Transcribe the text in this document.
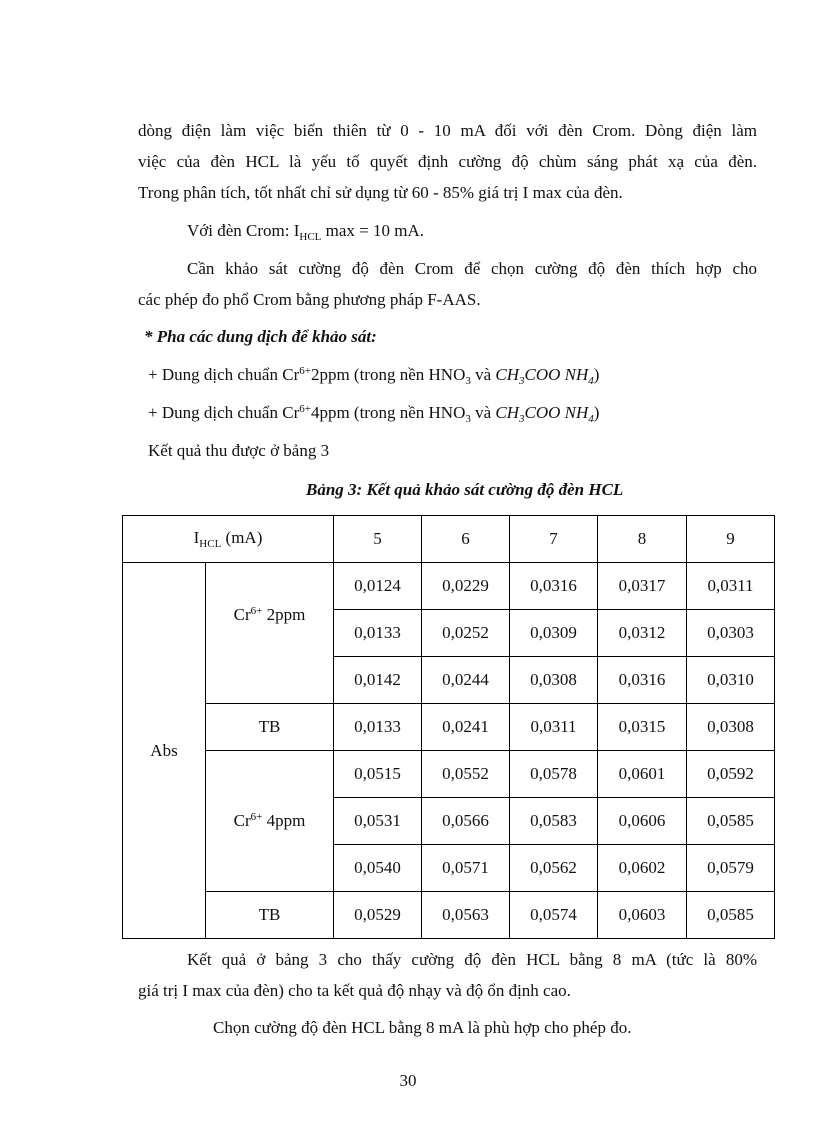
dòng điện làm việc biến thiên từ 0 - 10 mA đối với đèn Crom. Dòng điện làm
việc của đèn HCL là yếu tố quyết định cường độ chùm sáng phát xạ của đèn.
Trong phân tích, tốt nhất chỉ sử dụng từ 60 - 85% giá trị I max của đèn.
Với đèn Crom: $I_{HCL}$ max = 10 mA.
Cần khảo sát cường độ đèn Crom để chọn cường độ đèn thích hợp cho
các phép đo phổ Crom bằng phương pháp F-AAS.
* Pha các dung dịch để khảo sát:
+ Dung dịch chuẩn $Cr^{6+}2ppm$ (trong nền $HNO_3$ và $CH_3COO$ $NH_4$)
+ Dung dịch chuẩn $Cr^{6+}4ppm$ (trong nền $HNO_3$ và $CH_3COO$ $NH_4$)
Kết quả thu được ở bảng 3
Bảng 3: Kết quả khảo sát cường độ đèn HCL
$I_{HCL}$ (mA)		5	6	7	8	9
Abs	$Cr^{6+}$ 2ppm	0,0124	0,0229	0,0316	0,0317	0,0311
		0,0133	0,0252	0,0309	0,0312	0,0303
		0,0142	0,0244	0,0308	0,0316	0,0310
	TB	0,0133	0,0241	0,0311	0,0315	0,0308
	$Cr^{6+}$ 4ppm	0,0515	0,0552	0,0578	0,0601	0,0592
		0,0531	0,0566	0,0583	0,0606	0,0585
		0,0540	0,0571	0,0562	0,0602	0,0579
	TB	0,0529	0,0563	0,0574	0,0603	0,0585
Kết quả ở bảng 3 cho thấy cường độ đèn HCL bằng 8 mA (tức là 80%
giá trị I max của đèn) cho ta kết quả độ nhạy và độ ổn định cao.
Chọn cường độ đèn HCL bằng 8 mA là phù hợp cho phép đo.
30
